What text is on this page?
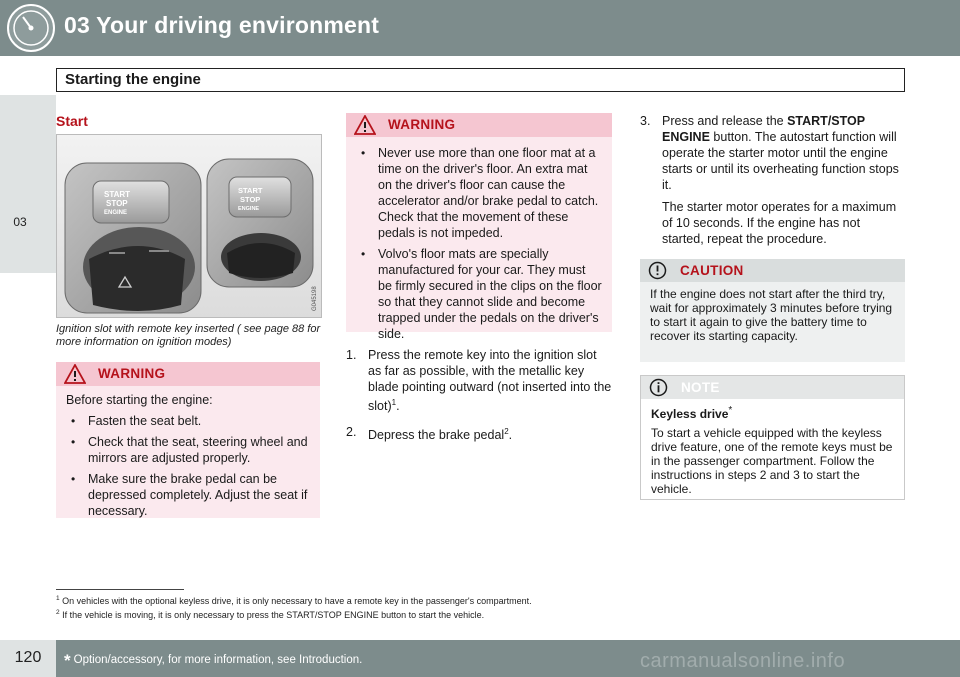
03 Your driving environment
Starting the engine
03
Start
START
STOP
ENGINE
START
STOP
ENGINE
G045198
Ignition slot with remote key inserted ( see page 88 for more information on ignition modes)
WARNING
Before starting the engine:
• Fasten the seat belt.
• Check that the seat, steering wheel and mirrors are adjusted properly.
• Make sure the brake pedal can be depressed completely. Adjust the seat if necessary.
WARNING
• Never use more than one floor mat at a time on the driver's floor. An extra mat on the driver's floor can cause the accelerator and/or brake pedal to catch. Check that the movement of these pedals is not impeded.
• Volvo's floor mats are specially manufactured for your car. They must be firmly secured in the clips on the floor so that they cannot slide and become trapped under the pedals on the driver's side.
1. Press the remote key into the ignition slot as far as possible, with the metallic key blade pointing outward (not inserted into the slot)$^1$.
2. Depress the brake pedal$^2$.
3. Press and release the START/STOP ENGINE button. The autostart function will operate the starter motor until the engine starts or until its overheating function stops it.
The starter motor operates for a maximum of 10 seconds. If the engine has not started, repeat the procedure.
CAUTION
If the engine does not start after the third try, wait for approximately 3 minutes before trying to start it again to give the battery time to recover its starting capacity.
NOTE
Keyless drive*
To start a vehicle equipped with the keyless drive feature, one of the remote keys must be in the passenger compartment. Follow the instructions in steps 2 and 3 to start the vehicle.
$^1$ On vehicles with the optional keyless drive, it is only necessary to have a remote key in the passenger's compartment.
$^2$ If the vehicle is moving, it is only necessary to press the START/STOP ENGINE button to start the vehicle.
120	* Option/accessory, for more information, see Introduction.	carmanualsonline.info
